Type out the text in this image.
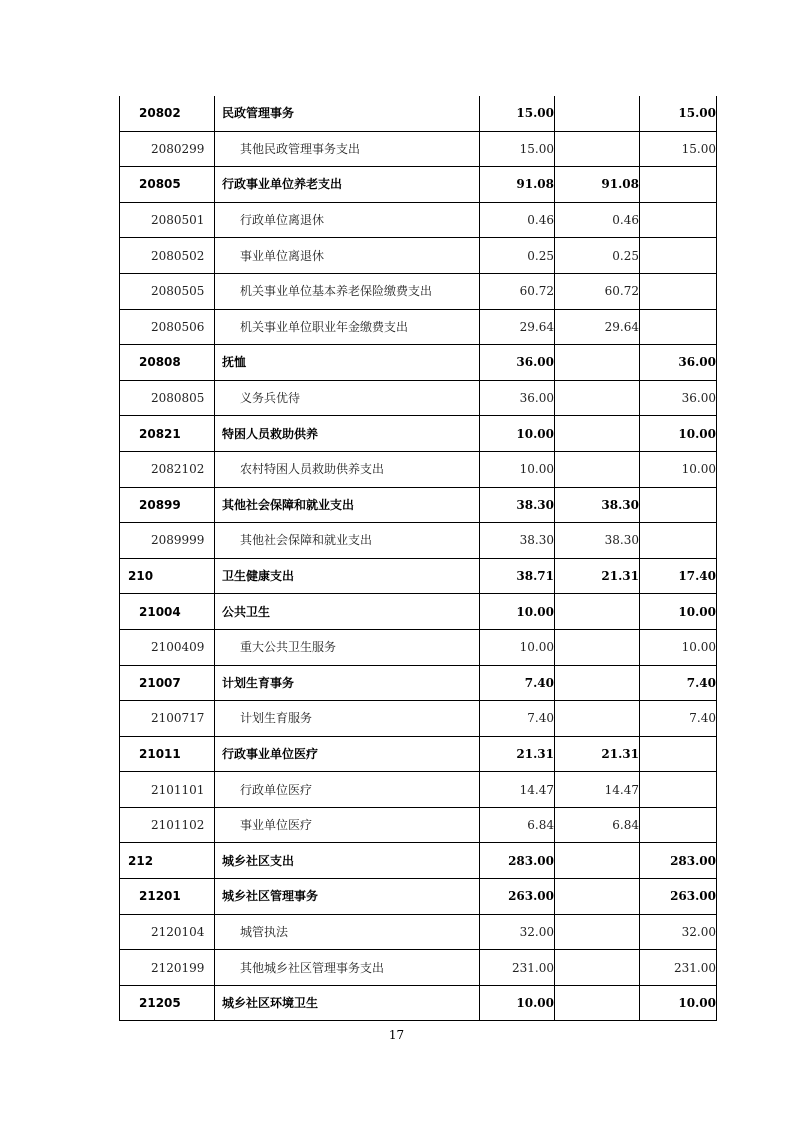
20802	民政管理事务	15.00		15.00
2080299	其他民政管理事务支出	15.00		15.00
20805	行政事业单位养老支出	91.08	91.08	
2080501	行政单位离退休	0.46	0.46	
2080502	事业单位离退休	0.25	0.25	
2080505	机关事业单位基本养老保险缴费支出	60.72	60.72	
2080506	机关事业单位职业年金缴费支出	29.64	29.64	
20808	抚恤	36.00		36.00
2080805	义务兵优待	36.00		36.00
20821	特困人员救助供养	10.00		10.00
2082102	农村特困人员救助供养支出	10.00		10.00
20899	其他社会保障和就业支出	38.30	38.30	
2089999	其他社会保障和就业支出	38.30	38.30	
210	卫生健康支出	38.71	21.31	17.40
21004	公共卫生	10.00		10.00
2100409	重大公共卫生服务	10.00		10.00
21007	计划生育事务	7.40		7.40
2100717	计划生育服务	7.40		7.40
21011	行政事业单位医疗	21.31	21.31	
2101101	行政单位医疗	14.47	14.47	
2101102	事业单位医疗	6.84	6.84	
212	城乡社区支出	283.00		283.00
21201	城乡社区管理事务	263.00		263.00
2120104	城管执法	32.00		32.00
2120199	其他城乡社区管理事务支出	231.00		231.00
21205	城乡社区环境卫生	10.00		10.00
17
